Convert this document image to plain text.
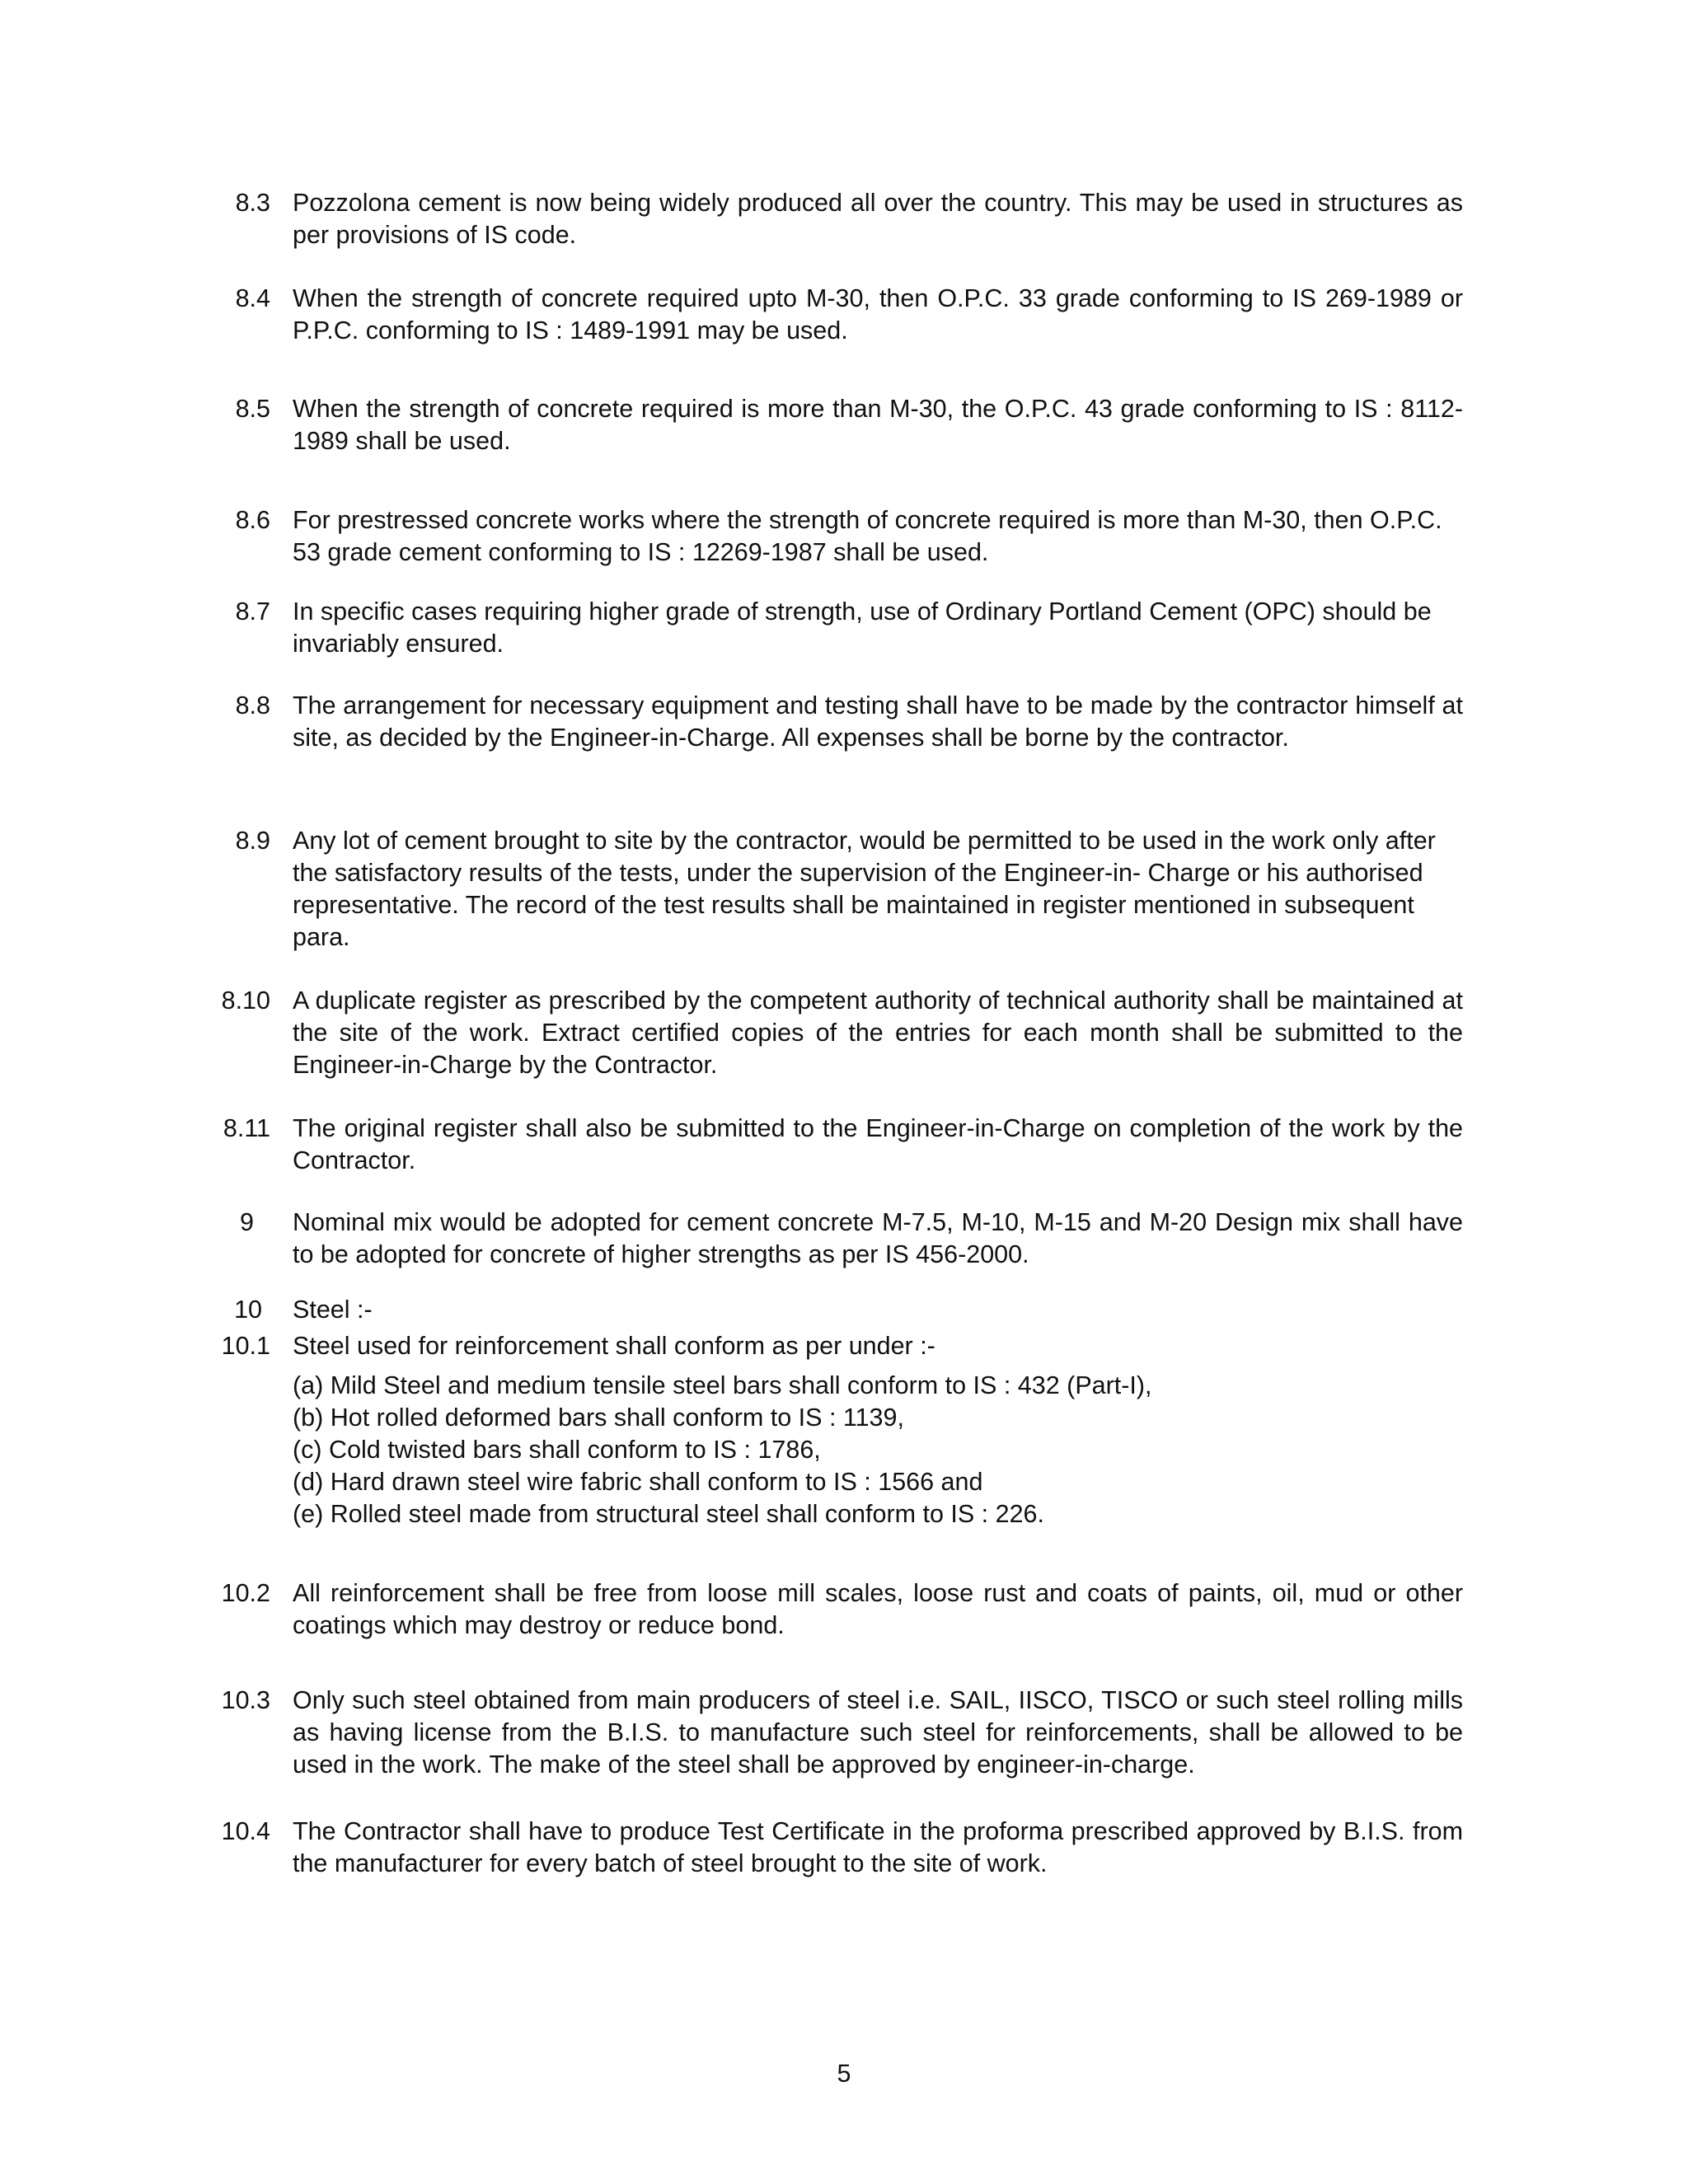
8.3 Pozzolona cement is now being widely produced all over the country. This may be used in structures as per provisions of IS code.
8.4 When the strength of concrete required upto M-30, then O.P.C. 33 grade conforming to IS 269-1989 or P.P.C. conforming to IS : 1489-1991 may be used.
8.5 When the strength of concrete required is more than M-30, the O.P.C. 43 grade conforming to IS : 8112-1989 shall be used.
8.6 For prestressed concrete works where the strength of concrete required is more than M-30, then O.P.C. 53 grade cement conforming to IS : 12269-1987 shall be used.
8.7 In specific cases requiring higher grade of strength, use of Ordinary Portland Cement (OPC) should be invariably ensured.
8.8 The arrangement for necessary equipment and testing shall have to be made by the contractor himself at site, as decided by the Engineer-in-Charge. All expenses shall be borne by the contractor.
8.9 Any lot of cement brought to site by the contractor, would be permitted to be used in the work only after the satisfactory results of the tests, under the supervision of the Engineer-in- Charge or his authorised representative. The record of the test results shall be maintained in register mentioned in subsequent para.
8.10 A duplicate register as prescribed by the competent authority of technical authority shall be maintained at the site of the work. Extract certified copies of the entries for each month shall be submitted to the Engineer-in-Charge by the Contractor.
8.11 The original register shall also be submitted to the Engineer-in-Charge on completion of the work by the Contractor.
9 Nominal mix would be adopted for cement concrete M-7.5, M-10, M-15 and M-20 Design mix shall have to be adopted for concrete of higher strengths as per IS 456-2000.
10 Steel :-
10.1 Steel used for reinforcement shall conform as per under :-
(a) Mild Steel and medium tensile steel bars shall conform to IS : 432 (Part-I),
(b) Hot rolled deformed bars shall conform to IS : 1139,
(c) Cold twisted bars shall conform to IS : 1786,
(d) Hard drawn steel wire fabric shall conform to IS : 1566 and
(e) Rolled steel made from structural steel shall conform to IS : 226.
10.2 All reinforcement shall be free from loose mill scales, loose rust and coats of paints, oil, mud or other coatings which may destroy or reduce bond.
10.3 Only such steel obtained from main producers of steel i.e. SAIL, IISCO, TISCO or such steel rolling mills as having license from the B.I.S. to manufacture such steel for reinforcements, shall be allowed to be used in the work. The make of the steel shall be approved by engineer-in-charge.
10.4 The Contractor shall have to produce Test Certificate in the proforma prescribed approved by B.I.S. from the manufacturer for every batch of steel brought to the site of work.
5
